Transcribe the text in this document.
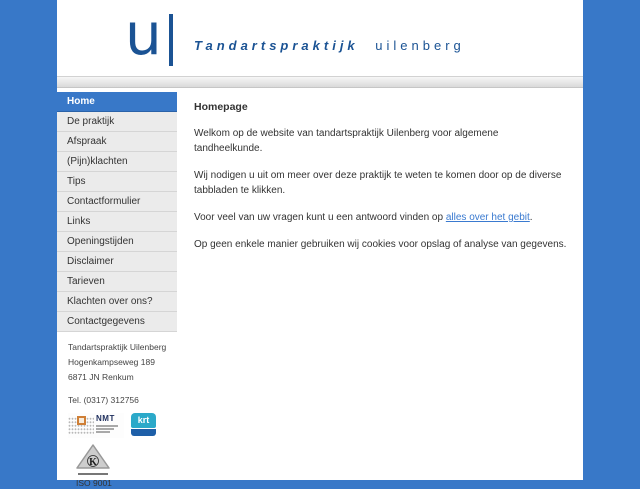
u Tandartspraktijk uilenberg
Home
De praktijk
Afspraak
(Pijn)klachten
Tips
Contactformulier
Links
Openingstijden
Disclaimer
Tarieven
Klachten over ons?
Contactgegevens
Tandartspraktijk Uilenberg
Hogenkampseweg 189
6871 JN Renkum
Tel. (0317) 312756
NMT	krt
K
ISO 9001
Homepage

Welkom op de website van tandartspraktijk Uilenberg voor algemene tandheelkunde.

Wij nodigen u uit om meer over deze praktijk te weten te komen door op de diverse tabbladen te klikken.

Voor veel van uw vragen kunt u een antwoord vinden op alles over het gebit.

Op geen enkele manier gebruiken wij cookies voor opslag of analyse van gegevens.
